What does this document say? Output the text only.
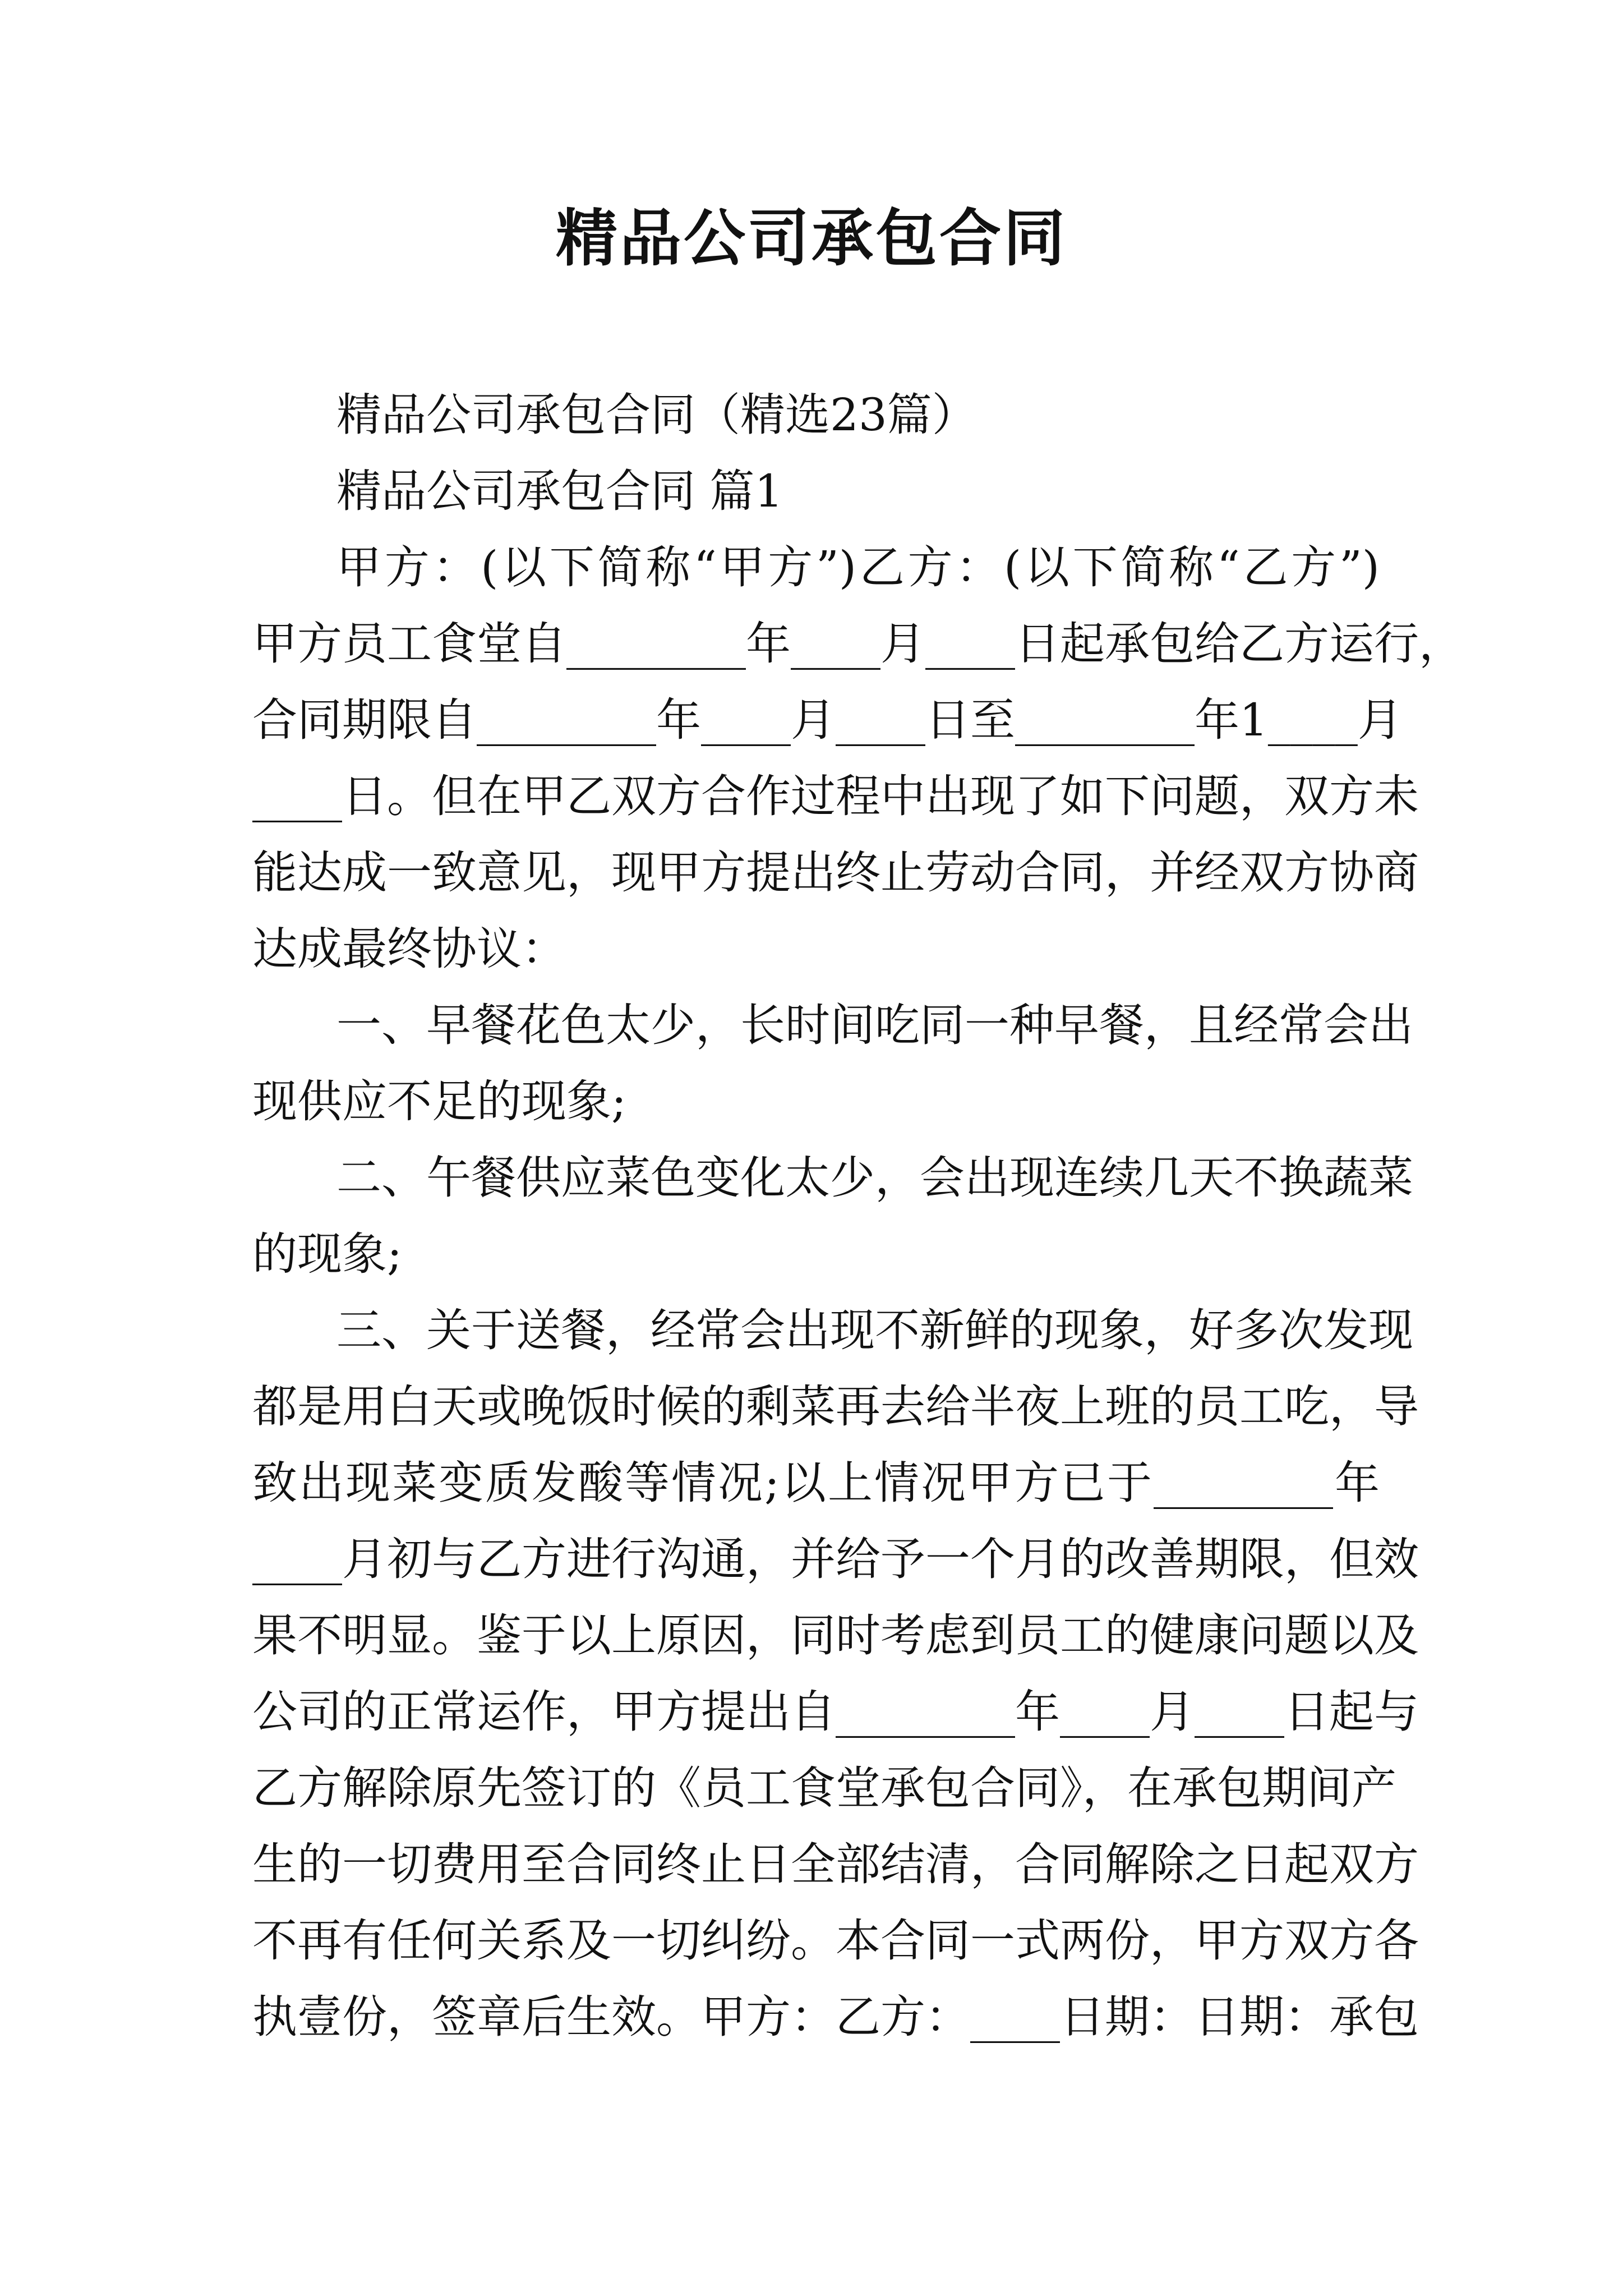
精品公司承包合同
精品公司承包合同（精选23篇）
精品公司承包合同 篇1
甲方：(以下简称“甲方”)乙方：(以下简称“乙方”)
甲方员工食堂自________年____月____日起承包给乙方运行，
合同期限自________年____月____日至________年1____月
____日。但在甲乙双方合作过程中出现了如下问题，双方未
能达成一致意见，现甲方提出终止劳动合同，并经双方协商
达成最终协议：
一、早餐花色太少，长时间吃同一种早餐，且经常会出
现供应不足的现象;
二、午餐供应菜色变化太少，会出现连续几天不换蔬菜
的现象;
三、关于送餐，经常会出现不新鲜的现象，好多次发现
都是用白天或晚饭时候的剩菜再去给半夜上班的员工吃，导
致出现菜变质发酸等情况;以上情况甲方已于________年
____月初与乙方进行沟通，并给予一个月的改善期限，但效
果不明显。鉴于以上原因，同时考虑到员工的健康问题以及
公司的正常运作，甲方提出自________年____月____日起与
乙方解除原先签订的《员工食堂承包合同》，在承包期间产
生的一切费用至合同终止日全部结清，合同解除之日起双方
不再有任何关系及一切纠纷。本合同一式两份，甲方双方各
执壹份，签章后生效。甲方：乙方：____日期：日期：承包
